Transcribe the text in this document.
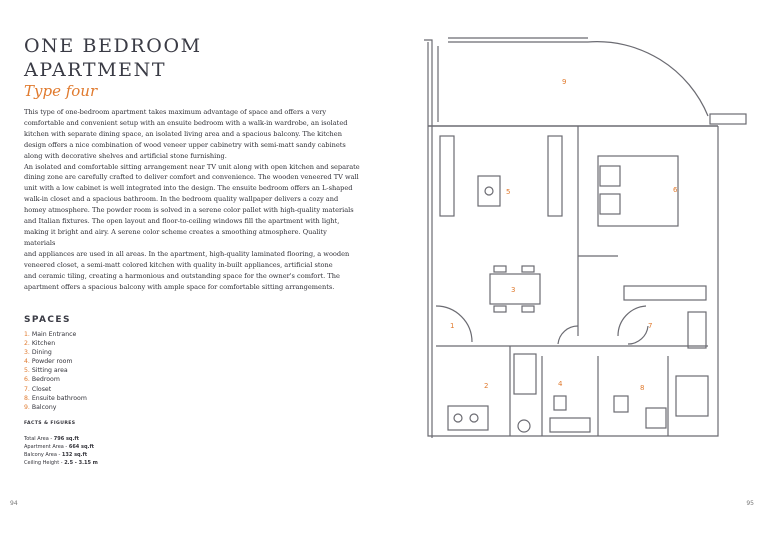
ONE BEDROOM
APARTMENT

Type four

This type of one-bedroom apartment takes maximum advantage of space and offers a very
comfortable and convenient setup with an ensuite bedroom with a walk-in wardrobe, an isolated
kitchen with separate dining space, an isolated living area and a spacious balcony. The kitchen
design offers a nice combination of wood veneer upper cabinetry with semi-matt sandy cabinets
along with decorative shelves and artificial stone furnishing.
An isolated and comfortable sitting arrangement near TV unit along with open kitchen and separate
dining zone are carefully crafted to deliver comfort and convenience. The wooden veneered TV wall
unit with a low cabinet is well integrated into the design. The ensuite bedroom offers an L-shaped
walk-in closet and a spacious bathroom. In the bedroom quality wallpaper delivers a cozy and
homey atmosphere. The powder room is solved in a serene color pallet with high-quality materials
and Italian fixtures. The open layout and floor-to-ceiling windows fill the apartment with light,
making it bright and airy. A serene color scheme creates a smoothing atmosphere. Quality materials
and appliances are used in all areas. In the apartment, high-quality laminated flooring, a wooden
veneered closet, a semi-matt colored kitchen with quality in-built appliances, artificial stone
and ceramic tiling, creating a harmonious and outstanding space for the owner's comfort. The
apartment offers a spacious balcony with ample space for comfortable sitting arrangements.

SPACES
1. Main Entrance
2. Kitchen
3. Dining
4. Powder room
5. Sitting area
6. Bedroom
7. Closet
8. Ensuite bathroom
9. Balcony
FACTS & FIGURES
Total Area - 796 sq.ft
Apartment Area - 664 sq.ft
Balcony Area - 132 sq.ft
Ceiling Height - 2.5 - 3.15 m
94	95
1
2
3
4
5	6
7
8
9
